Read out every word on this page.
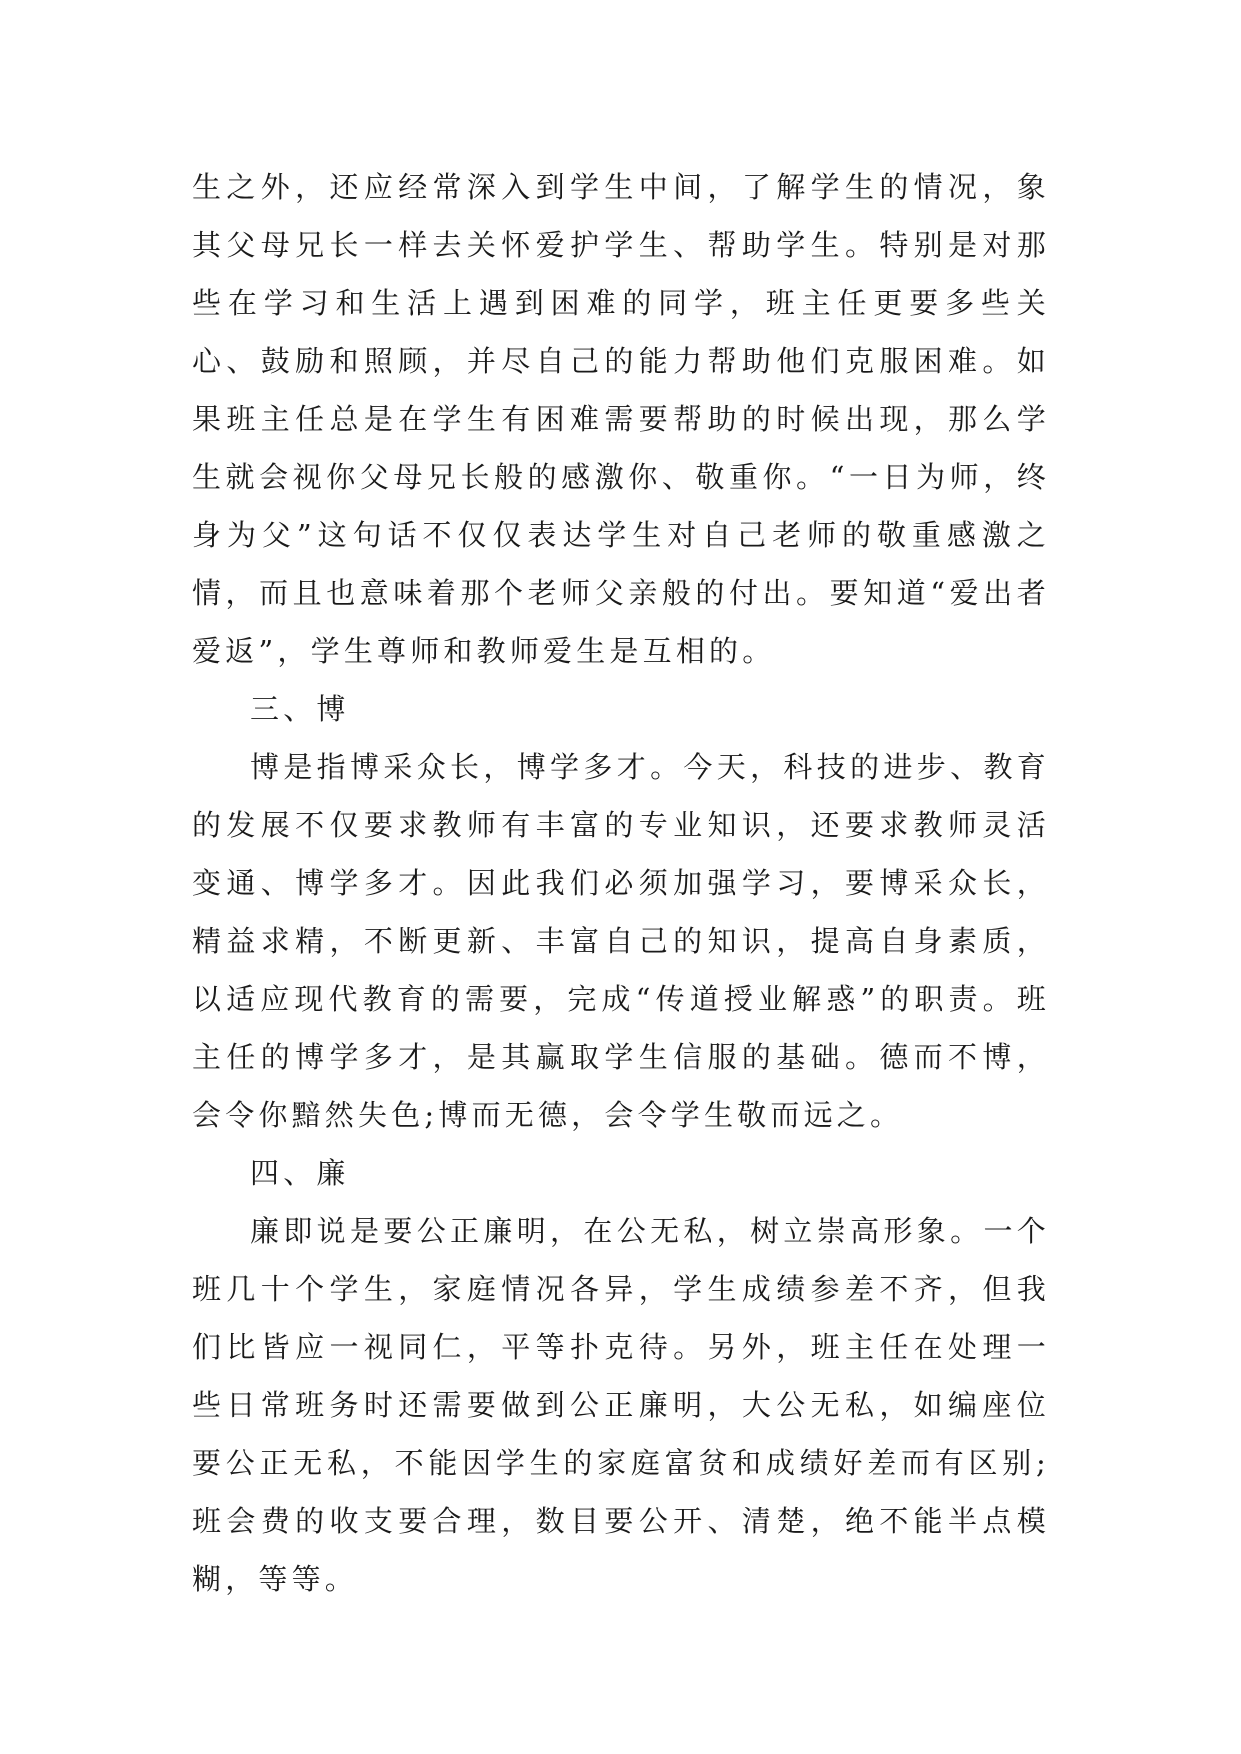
生之外，还应经常深入到学生中间，了解学生的情况，象其父母兄长一样去关怀爱护学生、帮助学生。特别是对那些在学习和生活上遇到困难的同学，班主任更要多些关心、鼓励和照顾，并尽自己的能力帮助他们克服困难。如果班主任总是在学生有困难需要帮助的时候出现，那么学生就会视你父母兄长般的感激你、敬重你。“一日为师，终身为父”这句话不仅仅表达学生对自己老师的敬重感激之情，而且也意味着那个老师父亲般的付出。要知道“爱出者爱返”，学生尊师和教师爱生是互相的。

三、博

博是指博采众长，博学多才。今天，科技的进步、教育的发展不仅要求教师有丰富的专业知识，还要求教师灵活变通、博学多才。因此我们必须加强学习，要博采众长，精益求精，不断更新、丰富自己的知识，提高自身素质，以适应现代教育的需要，完成“传道授业解惑”的职责。班主任的博学多才，是其赢取学生信服的基础。德而不博，会令你黯然失色;博而无德，会令学生敬而远之。

四、廉

廉即说是要公正廉明，在公无私，树立崇高形象。一个班几十个学生，家庭情况各异，学生成绩参差不齐，但我们比皆应一视同仁，平等扑克待。另外，班主任在处理一些日常班务时还需要做到公正廉明，大公无私，如编座位要公正无私，不能因学生的家庭富贫和成绩好差而有区别;班会费的收支要合理，数目要公开、清楚，绝不能半点模糊，等等。
